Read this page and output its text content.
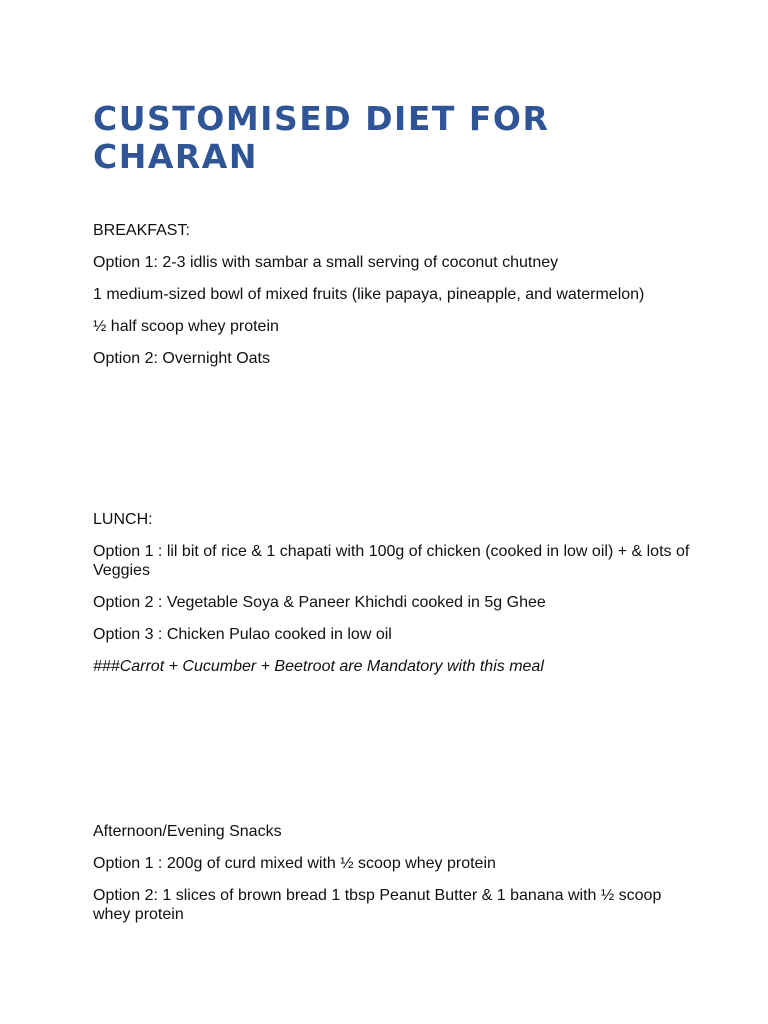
CUSTOMISED DIET FOR CHARAN

BREAKFAST:

Option 1: 2-3 idlis with sambar a small serving of coconut chutney

1 medium-sized bowl of mixed fruits (like papaya, pineapple, and watermelon)

½ half scoop whey protein

Option 2: Overnight Oats

LUNCH:

Option 1 : lil bit of rice & 1 chapati with 100g of chicken (cooked in low oil) + & lots of Veggies

Option 2 : Vegetable Soya & Paneer Khichdi cooked in 5g Ghee

Option 3 : Chicken Pulao cooked in low oil

###Carrot + Cucumber + Beetroot are Mandatory with this meal

Afternoon/Evening Snacks

Option 1 : 200g of curd mixed with ½ scoop whey protein

Option 2: 1 slices of brown bread 1 tbsp Peanut Butter & 1 banana with ½ scoop whey protein
